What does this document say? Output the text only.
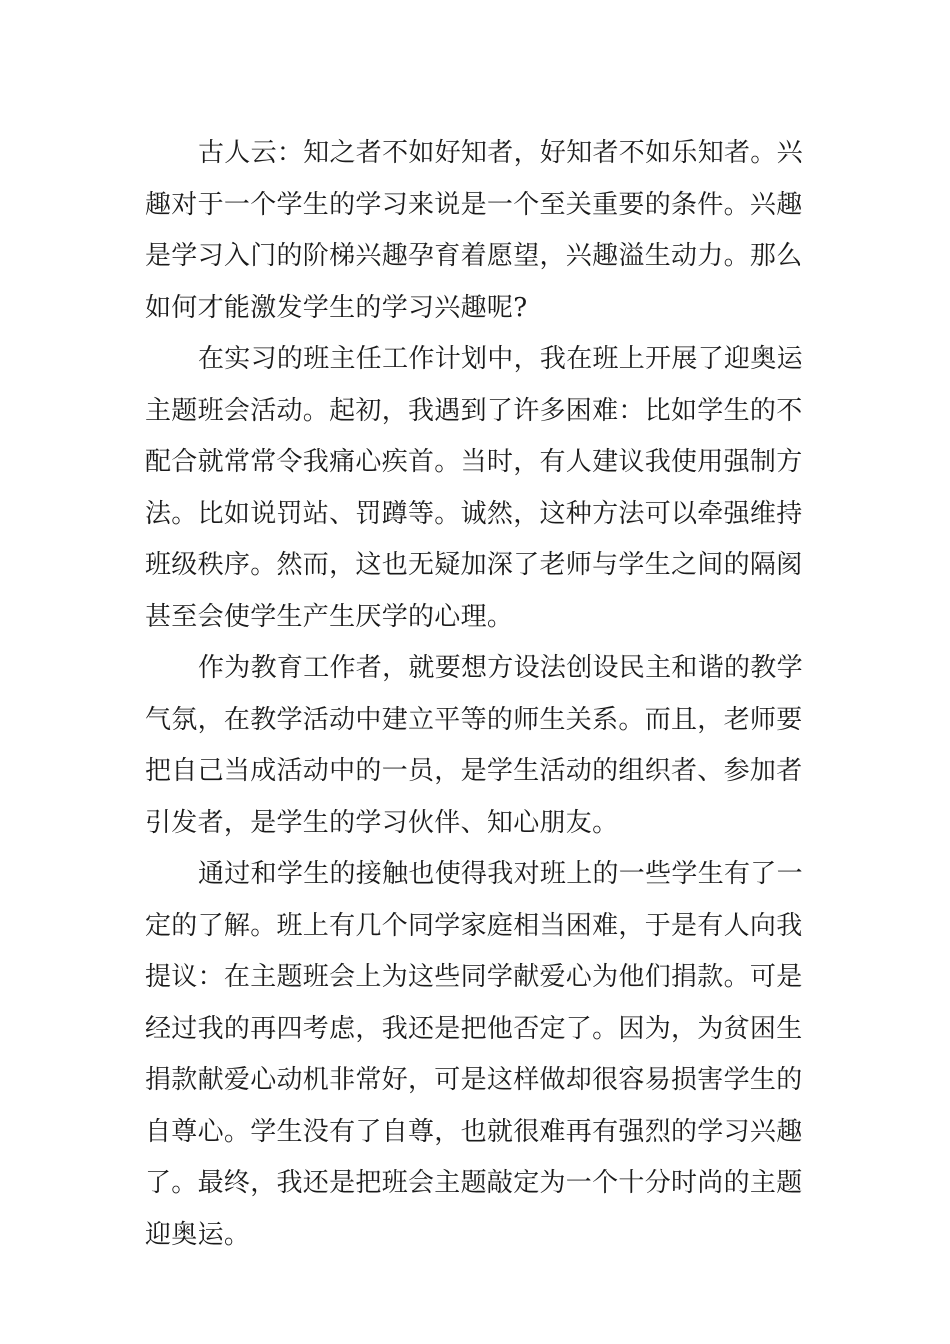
古人云：知之者不如好知者，好知者不如乐知者。兴
趣对于一个学生的学习来说是一个至关重要的条件。兴趣
是学习入门的阶梯兴趣孕育着愿望，兴趣溢生动力。那么
如何才能激发学生的学习兴趣呢?
在实习的班主任工作计划中，我在班上开展了迎奥运
主题班会活动。起初，我遇到了许多困难：比如学生的不
配合就常常令我痛心疾首。当时，有人建议我使用强制方
法。比如说罚站、罚蹲等。诚然，这种方法可以牵强维持
班级秩序。然而，这也无疑加深了老师与学生之间的隔阂
甚至会使学生产生厌学的心理。
作为教育工作者，就要想方设法创设民主和谐的教学
气氛，在教学活动中建立平等的师生关系。而且，老师要
把自己当成活动中的一员，是学生活动的组织者、参加者
引发者，是学生的学习伙伴、知心朋友。
通过和学生的接触也使得我对班上的一些学生有了一
定的了解。班上有几个同学家庭相当困难，于是有人向我
提议：在主题班会上为这些同学献爱心为他们捐款。可是
经过我的再四考虑，我还是把他否定了。因为，为贫困生
捐款献爱心动机非常好，可是这样做却很容易损害学生的
自尊心。学生没有了自尊，也就很难再有强烈的学习兴趣
了。最终，我还是把班会主题敲定为一个十分时尚的主题
迎奥运。
